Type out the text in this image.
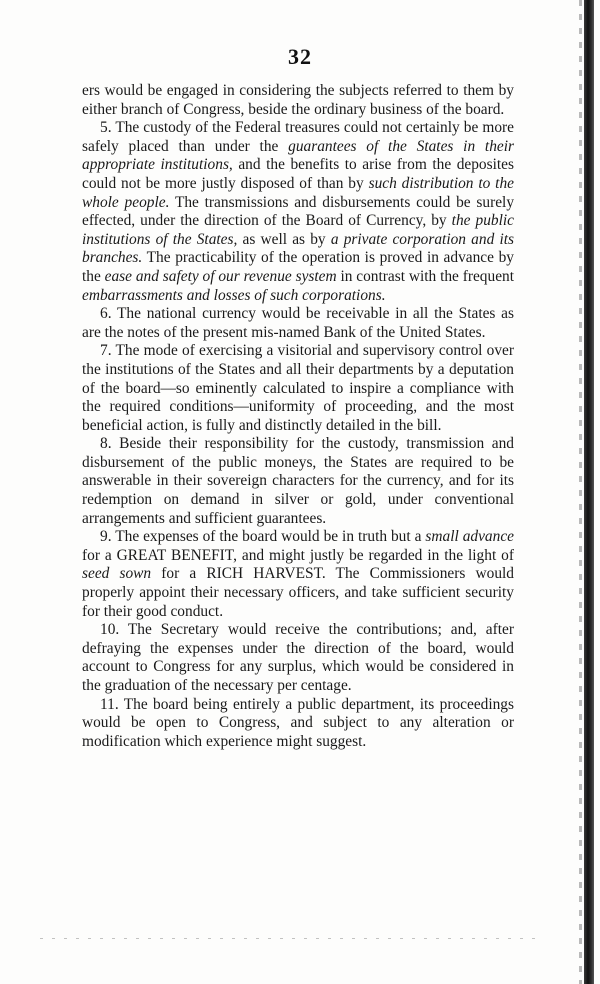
32

ers would be engaged in considering the subjects referred to them by either branch of Congress, beside the ordinary business of the board.

5. The custody of the Federal treasures could not certainly be more safely placed than under the guarantees of the States in their appropriate institutions, and the benefits to arise from the deposites could not be more justly disposed of than by such distribution to the whole people. The transmissions and disbursements could be surely effected, under the direction of the Board of Currency, by the public institutions of the States, as well as by a private corporation and its branches. The practicability of the operation is proved in advance by the ease and safety of our revenue system in contrast with the frequent embarrassments and losses of such corporations.

6. The national currency would be receivable in all the States as are the notes of the present mis-named Bank of the United States.

7. The mode of exercising a visitorial and supervisory control over the institutions of the States and all their departments by a deputation of the board—so eminently calculated to inspire a compliance with the required conditions—uniformity of proceeding, and the most beneficial action, is fully and distinctly detailed in the bill.

8. Beside their responsibility for the custody, transmission and disbursement of the public moneys, the States are required to be answerable in their sovereign characters for the currency, and for its redemption on demand in silver or gold, under conventional arrangements and sufficient guarantees.

9. The expenses of the board would be in truth but a small advance for a GREAT BENEFIT, and might justly be regarded in the light of seed sown for a RICH HARVEST. The Commissioners would properly appoint their necessary officers, and take sufficient security for their good conduct.

10. The Secretary would receive the contributions; and, after defraying the expenses under the direction of the board, would account to Congress for any surplus, which would be considered in the graduation of the necessary per centage.

11. The board being entirely a public department, its proceedings would be open to Congress, and subject to any alteration or modification which experience might suggest.
